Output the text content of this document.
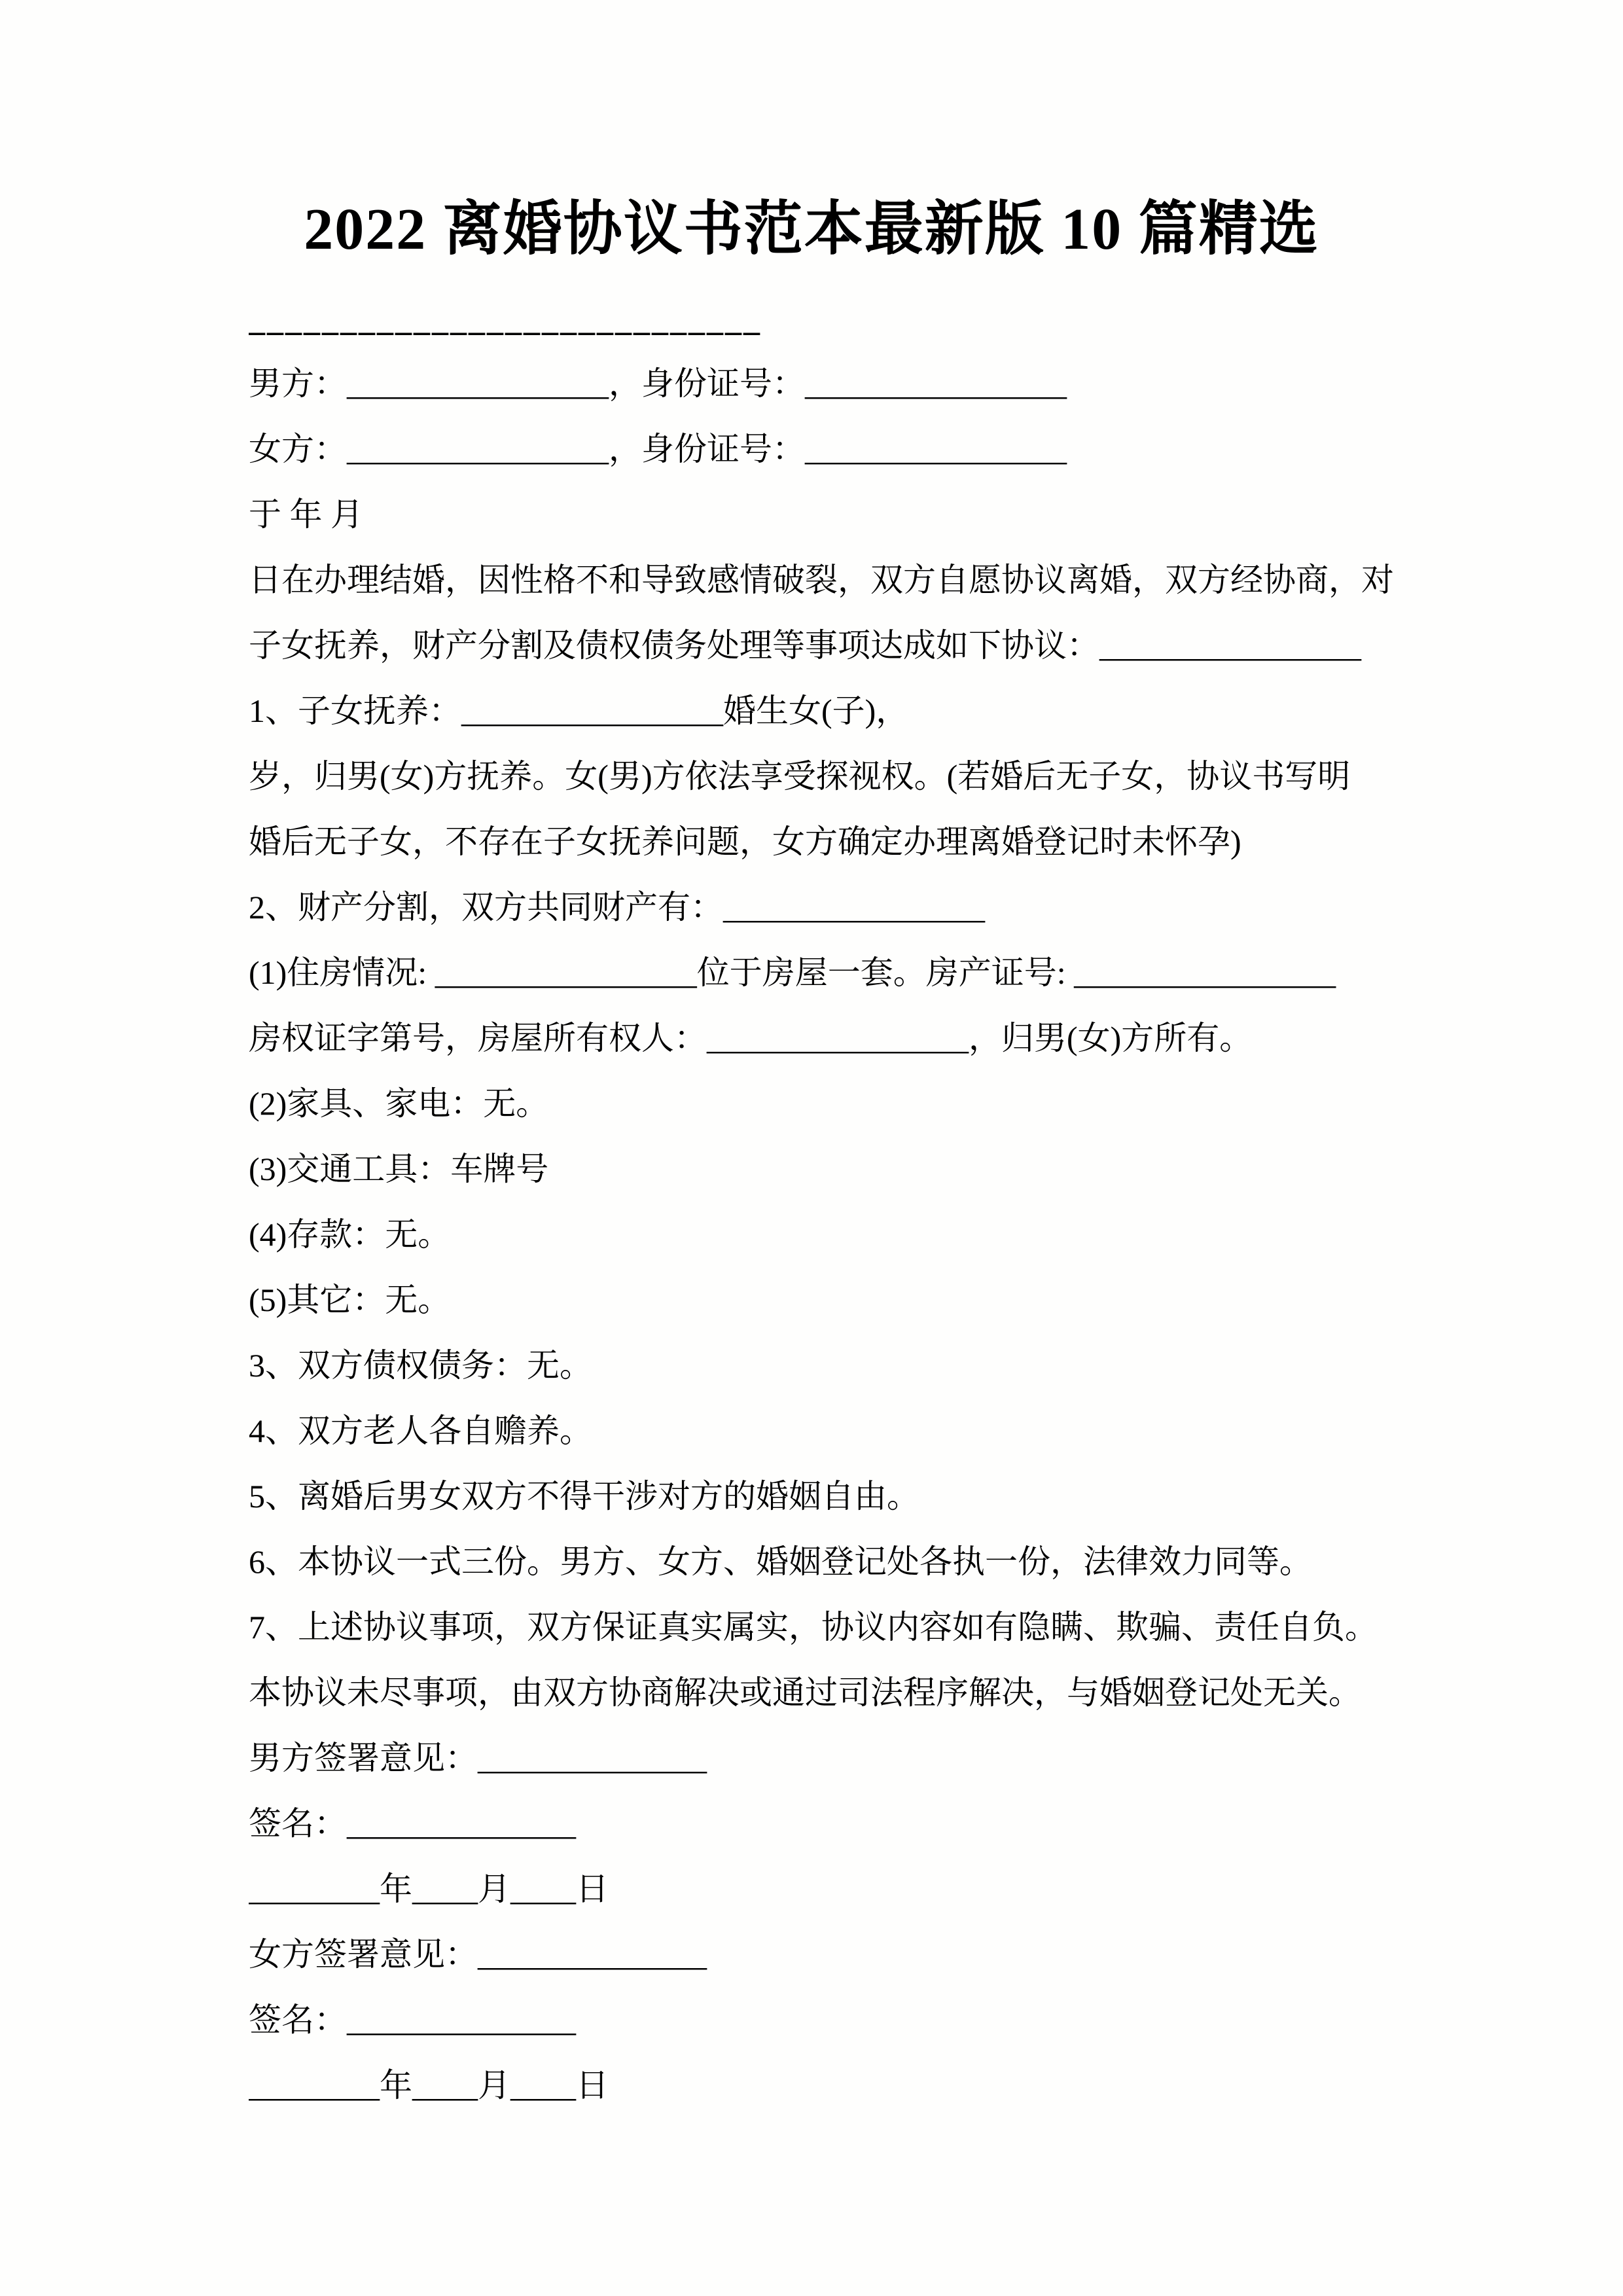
2022 离婚协议书范本最新版 10 篇精选
____________________________

男方：________________，身份证号：________________

女方：________________，身份证号：________________

于 年 月

日在办理结婚，因性格不和导致感情破裂，双方自愿协议离婚，双方经协商，对

子女抚养，财产分割及债权债务处理等事项达成如下协议：________________

1、子女抚养：________________婚生女(子)，

岁，归男(女)方抚养。女(男)方依法享受探视权。(若婚后无子女，协议书写明

婚后无子女，不存在子女抚养问题，女方确定办理离婚登记时未怀孕)

2、财产分割，双方共同财产有：________________

(1)住房情况: ________________位于房屋一套。房产证号: ________________

房权证字第号，房屋所有权人：________________，归男(女)方所有。

(2)家具、家电：无。

(3)交通工具：车牌号

(4)存款：无。

(5)其它：无。

3、双方债权债务：无。

4、双方老人各自赡养。

5、离婚后男女双方不得干涉对方的婚姻自由。

6、本协议一式三份。男方、女方、婚姻登记处各执一份，法律效力同等。

7、上述协议事项，双方保证真实属实，协议内容如有隐瞒、欺骗、责任自负。

本协议未尽事项，由双方协商解决或通过司法程序解决，与婚姻登记处无关。

男方签署意见：______________

签名：______________

________年____月____日

女方签署意见：______________

签名：______________

________年____月____日
